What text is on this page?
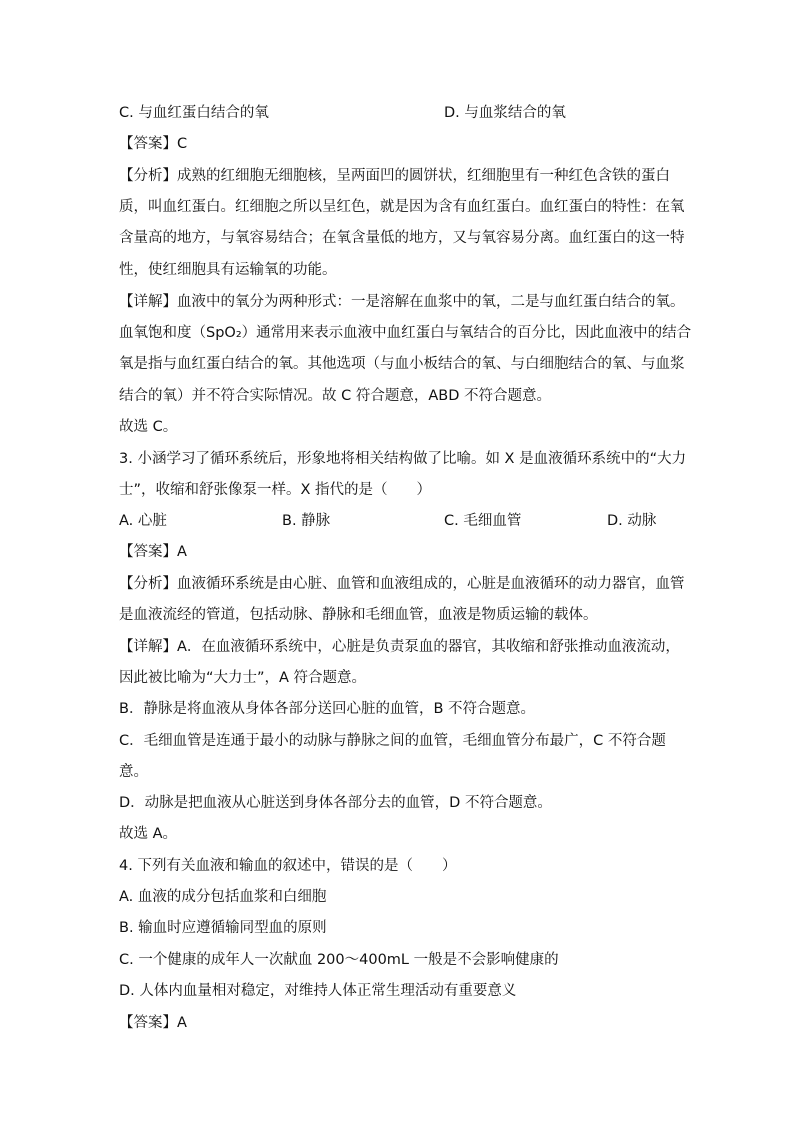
C. 与血红蛋白结合的氧	D. 与血浆结合的氧
【答案】C
【分析】成熟的红细胞无细胞核，呈两面凹的圆饼状，红细胞里有一种红色含铁的蛋白
质，叫血红蛋白。红细胞之所以呈红色，就是因为含有血红蛋白。血红蛋白的特性：在氧
含量高的地方，与氧容易结合；在氧含量低的地方，又与氧容易分离。血红蛋白的这一特
性，使红细胞具有运输氧的功能。
【详解】血液中的氧分为两种形式：一是溶解在血浆中的氧，二是与血红蛋白结合的氧。
血氧饱和度（SpO₂）通常用来表示血液中血红蛋白与氧结合的百分比，因此血液中的结合
氧是指与血红蛋白结合的氧。其他选项（与血小板结合的氧、与白细胞结合的氧、与血浆
结合的氧）并不符合实际情况。故 C 符合题意，ABD 不符合题意。
故选 C。
3. 小涵学习了循环系统后，形象地将相关结构做了比喻。如 X 是血液循环系统中的“大力
士”，收缩和舒张像泵一样。X 指代的是（　　）
A. 心脏	B. 静脉	C. 毛细血管	D. 动脉
【答案】A
【分析】血液循环系统是由心脏、血管和血液组成的，心脏是血液循环的动力器官，血管
是血液流经的管道，包括动脉、静脉和毛细血管，血液是物质运输的载体。
【详解】A．在血液循环系统中，心脏是负责泵血的器官，其收缩和舒张推动血液流动，
因此被比喻为“大力士”，A 符合题意。
B．静脉是将血液从身体各部分送回心脏的血管，B 不符合题意。
C．毛细血管是连通于最小的动脉与静脉之间的血管，毛细血管分布最广，C 不符合题
意。
D．动脉是把血液从心脏送到身体各部分去的血管，D 不符合题意。
故选 A。
4. 下列有关血液和输血的叙述中，错误的是（　　）
A. 血液的成分包括血浆和白细胞
B. 输血时应遵循输同型血的原则
C. 一个健康的成年人一次献血 200～400mL 一般是不会影响健康的
D. 人体内血量相对稳定，对维持人体正常生理活动有重要意义
【答案】A
